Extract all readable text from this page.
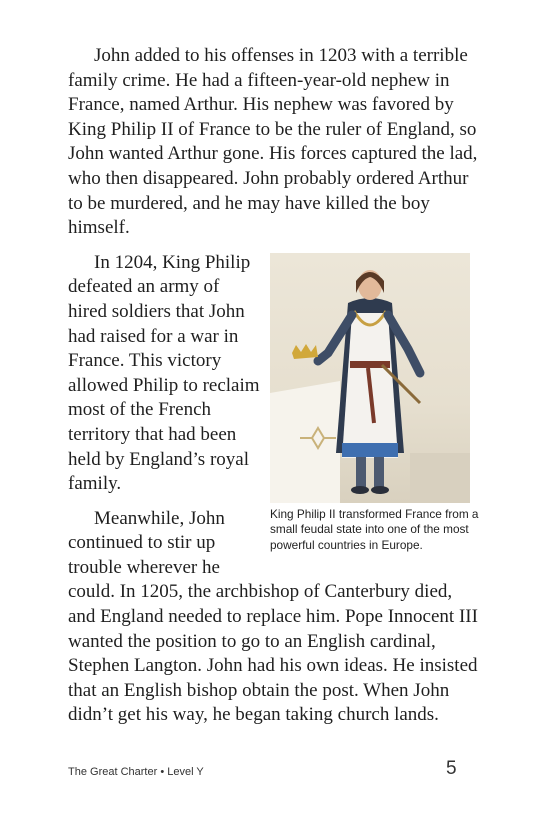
John added to his offenses in 1203 with a terrible family crime. He had a fifteen-year-old nephew in France, named Arthur. His nephew was favored by King Philip II of France to be the ruler of England, so John wanted Arthur gone. His forces captured the lad, who then disappeared. John probably ordered Arthur to be murdered, and he may have killed the boy himself.

King Philip II transformed France from a small feudal state into one of the most powerful countries in Europe.

In 1204, King Philip defeated an army of hired soldiers that John had raised for a war in France. This victory allowed Philip to reclaim most of the French territory that had been held by England’s royal family.

Meanwhile, John continued to stir up trouble wherever he could. In 1205, the archbishop of Canterbury died, and England needed to replace him. Pope Innocent III wanted the position to go to an English cardinal, Stephen Langton. John had his own ideas. He insisted that an English bishop obtain the post. When John didn’t get his way, he began taking church lands.

The Great Charter • Level Y	5
